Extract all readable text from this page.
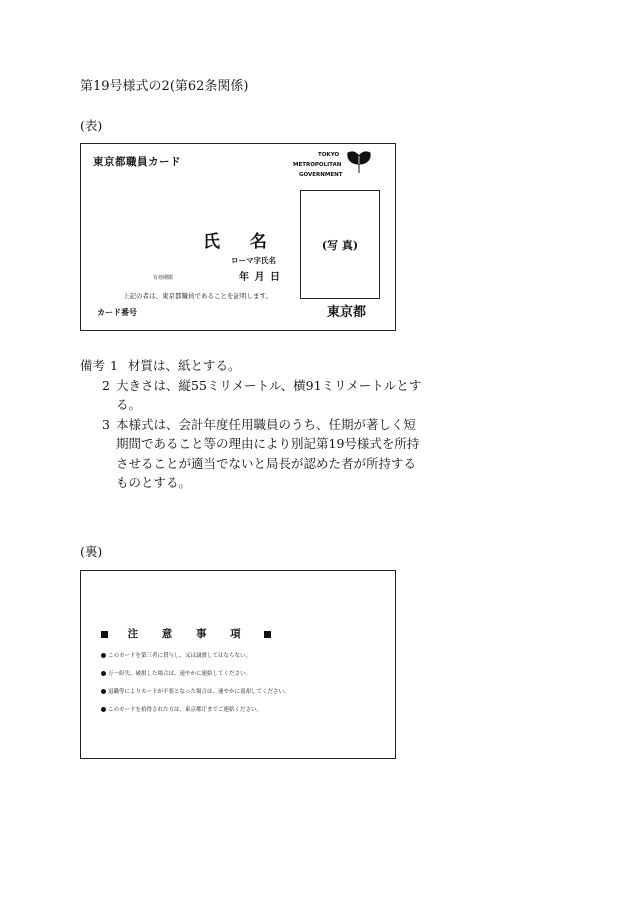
第19号様式の2(第62条関係)
(表)
東京都職員カード
TOKYO
METROPOLITAN
GOVERNMENT
(写 真)
氏 名
ローマ字氏名
有効期限	年 月 日
上記の者は、東京都職員であることを証明します。
カード番号	東京都
備考 1 材質は、紙とする。
2 大きさは、縦55ミリメートル、横91ミリメートルとす
る。
3 本様式は、会計年度任用職員のうち、任期が著しく短
期間であること等の理由により別記第19号様式を所持
させることが適当でないと局長が認めた者が所持する
ものとする。
(裏)
注 意 事 項
このカードを第三者に貸与し、又は譲渡してはならない。
万一紛失、破損した場合は、速やかに連絡してください。
退職等によりカードが不要となった場合は、速やかに返却してください。
このカードを拾得された方は、東京都庁までご連絡ください。
